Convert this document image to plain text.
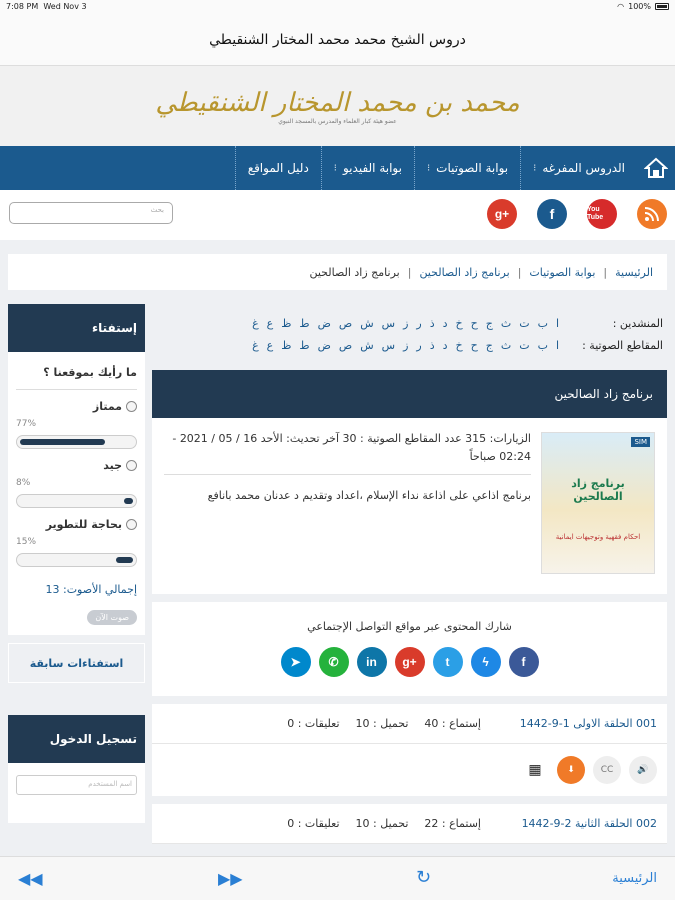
7:08 PM Wed Nov 3	◠ 100%
دروس الشيخ محمد محمد المختار الشنقيطي
محمد بن محمد المختار الشنقيطي
عضو هيئة كبار العلماء والمدرس بالمسجد النبوي
الدروس المفرغه
⁝
بوابة الصوتيات
⁝
بوابة الفيديو
⁝
دليل المواقع
You Tube
f
g+
بحث
الرئيسية
|
بوابة الصوتيات
|
برنامج زاد الصالحين
|
برنامج زاد الصالحين
إستفتاء
ما رأيك بموقعنا ؟
ممتاز
77%
جيد
8%
بحاجة للتطوير
15%
إجمالي الأصوت: 13
صوت الآن
استفتاءات سابقة
تسجيل الدخول
اسم المستخدم
المنشدين :
ا
ب
ت
ث
ج
ح
خ
د
ذ
ر
ز
س
ش
ص
ض
ط
ظ
ع
غ
المقاطع الصوتية :
ا
ب
ت
ث
ج
ح
خ
د
ذ
ر
ز
س
ش
ص
ض
ط
ظ
ع
غ
برنامج زاد الصالحين
SIM
برنامج زاد الصالحين
احكام فقهية وتوجيهات ايمانية
الزيارات: 315 عدد المقاطع الصوتية : 30 آخر تحديث: الأحد 16 / 05 / 2021 - 02:24 صباحاً
برنامج اذاعي على اذاعة نداء الإسلام ،اعداد وتقديم د عدنان محمد بانافع
شارك المحتوى عبر مواقع التواصل الإجتماعي
➤	✆	in	g+	t	ϟ	f
001 الحلقة الاولى 1-9-1442
إستماع : 40
تحميل : 10
تعليقات : 0
🔊
CC
⬇
▦
002 الحلقة الثانية 2-9-1442
إستماع : 22
تحميل : 10
تعليقات : 0
◀◀	▶▶	↻	الرئيسية
